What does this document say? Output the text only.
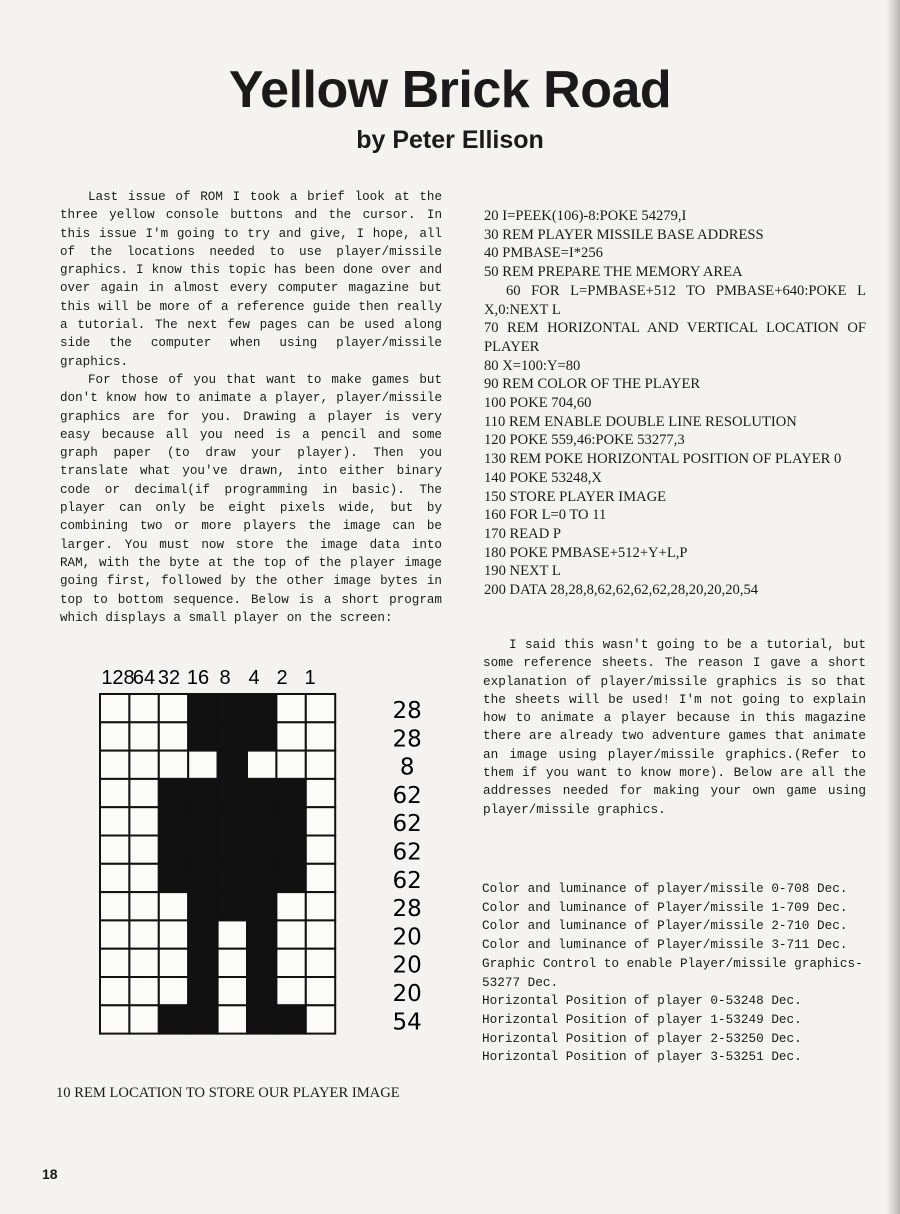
Yellow Brick Road
by Peter Ellison

Last issue of ROM I took a brief look at the three yellow console buttons and the cursor. In this issue I'm going to try and give, I hope, all of the locations needed to use player/missile graphics. I know this topic has been done over and over again in almost every computer magazine but this will be more of a reference guide then really a tutorial. The next few pages can be used along side the computer when using player/missile graphics.

For those of you that want to make games but don't know how to animate a player, player/missile graphics are for you. Drawing a player is very easy because all you need is a pencil and some graph paper (to draw your player). Then you translate what you've drawn, into either binary code or decimal(if programming in basic). The player can only be eight pixels wide, but by combining two or more players the image can be larger. You must now store the image data into RAM, with the byte at the top of the player image going first, followed by the other image bytes in top to bottom sequence. Below is a short program which displays a small player on the screen:

128
64 32 16 8 4 2 1
28
28
8
62
62
62
62
28
20
20
20
54
10 REM LOCATION TO STORE OUR PLAYER IMAGE
20 I=PEEK(106)-8:POKE 54279,I
30 REM PLAYER MISSILE BASE ADDRESS
40 PMBASE=I*256
50 REM PREPARE THE MEMORY AREA
60 FOR L=PMBASE+512 TO PMBASE+640:POKE L X,0:NEXT L
70 REM HORIZONTAL AND VERTICAL LOCATION OF PLAYER
80 X=100:Y=80
90 REM COLOR OF THE PLAYER
100 POKE 704,60
110 REM ENABLE DOUBLE LINE RESOLUTION
120 POKE 559,46:POKE 53277,3
130 REM POKE HORIZONTAL POSITION OF PLAYER 0
140 POKE 53248,X
150 STORE PLAYER IMAGE
160 FOR L=0 TO 11
170 READ P
180 POKE PMBASE+512+Y+L,P
190 NEXT L
200 DATA 28,28,8,62,62,62,62,28,20,20,20,54

I said this wasn't going to be a tutorial, but some reference sheets. The reason I gave a short explanation of player/missile graphics is so that the sheets will be used! I'm not going to explain how to animate a player because in this magazine there are already two adventure games that animate an image using player/missile graphics.(Refer to them if you want to know more). Below are all the addresses needed for making your own game using player/missile graphics.

Color and luminance of player/missile 0-708 Dec.
Color and luminance of Player/missile 1-709 Dec.
Color and luminance of Player/missile 2-710 Dec.
Color and luminance of Player/missile 3-711 Dec.
Graphic Control to enable Player/missile graphics-53277 Dec.
Horizontal Position of player 0-53248 Dec.
Horizontal Position of player 1-53249 Dec.
Horizontal Position of player 2-53250 Dec.
Horizontal Position of player 3-53251 Dec.
18
